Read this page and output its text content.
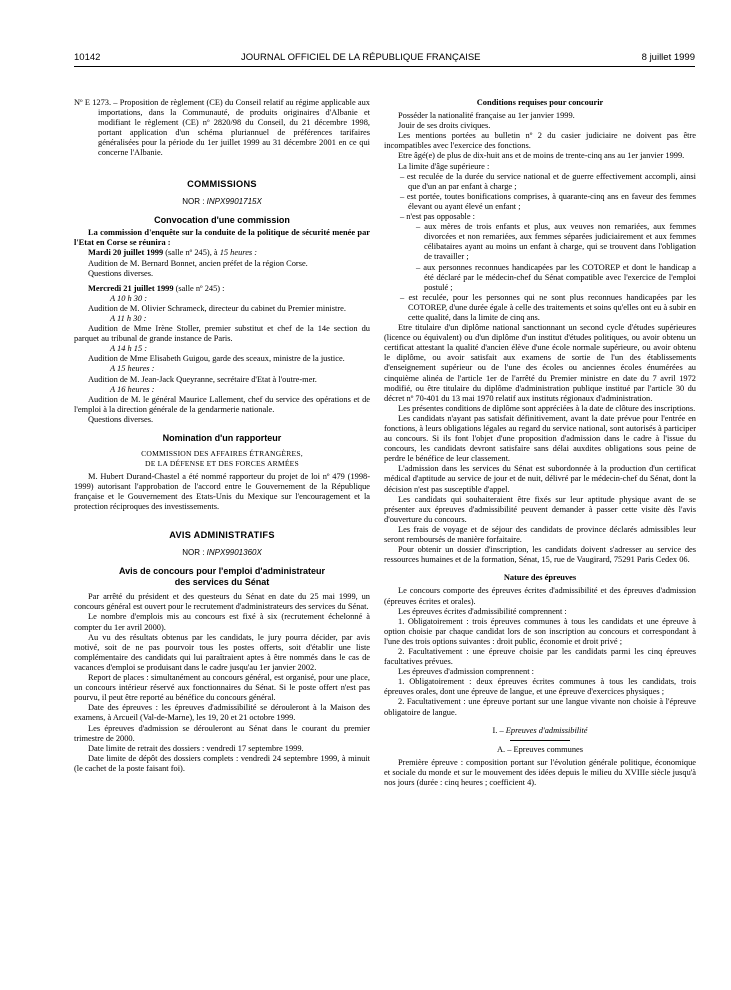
10142	JOURNAL OFFICIEL DE LA RÉPUBLIQUE FRANÇAISE	8 juillet 1999

Nº E 1273. – Proposition de règlement (CE) du Conseil relatif au régime applicable aux importations, dans la Communauté, de produits originaires d'Albanie et modifiant le règlement (CE) nº 2820/98 du Conseil, du 21 décembre 1998, portant application d'un schéma pluriannuel de préférences tarifaires généralisées pour la période du 1er juillet 1999 au 31 décembre 2001 en ce qui concerne l'Albanie.

COMMISSIONS

NOR : INPX9901715X

Convocation d'une commission

La commission d'enquête sur la conduite de la politique de sécurité menée par l'Etat en Corse se réunira :

Mardi 20 juillet 1999 (salle nº 245), à 15 heures :

Audition de M. Bernard Bonnet, ancien préfet de la région Corse.

Questions diverses.

Mercredi 21 juillet 1999 (salle nº 245) :

A 10 h 30 :

Audition de M. Olivier Schrameck, directeur du cabinet du Premier ministre.

A 11 h 30 :

Audition de Mme Irène Stoller, premier substitut et chef de la 14e section du parquet au tribunal de grande instance de Paris.

A 14 h 15 :

Audition de Mme Elisabeth Guigou, garde des sceaux, ministre de la justice.

A 15 heures :

Audition de M. Jean-Jack Queyranne, secrétaire d'Etat à l'outre-mer.

A 16 heures :

Audition de M. le général Maurice Lallement, chef du service des opérations et de l'emploi à la direction générale de la gendarmerie nationale.

Questions diverses.

Nomination d'un rapporteur

COMMISSION DES AFFAIRES ÉTRANGÈRES,

DE LA DÉFENSE ET DES FORCES ARMÉES

M. Hubert Durand-Chastel a été nommé rapporteur du projet de loi nº 479 (1998-1999) autorisant l'approbation de l'accord entre le Gouvernement de la République française et le Gouvernement des Etats-Unis du Mexique sur l'encouragement et la protection réciproques des investissements.

AVIS ADMINISTRATIFS

NOR : INPX9901360X

Avis de concours pour l'emploi d'administrateur

des services du Sénat

Par arrêté du président et des questeurs du Sénat en date du 25 mai 1999, un concours général est ouvert pour le recrutement d'administrateurs des services du Sénat.

Le nombre d'emplois mis au concours est fixé à six (recrutement échelonné à compter du 1er avril 2000).

Au vu des résultats obtenus par les candidats, le jury pourra décider, par avis motivé, soit de ne pas pourvoir tous les postes offerts, soit d'établir une liste complémentaire des candidats qui lui paraîtraient aptes à être nommés dans le cas de vacances d'emploi se produisant dans le cadre jusqu'au 1er janvier 2002.

Report de places : simultanément au concours général, est organisé, pour une place, un concours intérieur réservé aux fonctionnaires du Sénat. Si le poste offert n'est pas pourvu, il peut être reporté au bénéfice du concours général.

Date des épreuves : les épreuves d'admissibilité se dérouleront à la Maison des examens, à Arcueil (Val-de-Marne), les 19, 20 et 21 octobre 1999.

Les épreuves d'admission se dérouleront au Sénat dans le courant du premier trimestre de 2000.

Date limite de retrait des dossiers : vendredi 17 septembre 1999.

Date limite de dépôt des dossiers complets : vendredi 24 septembre 1999, à minuit (le cachet de la poste faisant foi).

Conditions requises pour concourir

Posséder la nationalité française au 1er janvier 1999.

Jouir de ses droits civiques.

Les mentions portées au bulletin nº 2 du casier judiciaire ne doivent pas être incompatibles avec l'exercice des fonctions.

Etre âgé(e) de plus de dix-huit ans et de moins de trente-cinq ans au 1er janvier 1999.

La limite d'âge supérieure :

– est reculée de la durée du service national et de guerre effectivement accompli, ainsi que d'un an par enfant à charge ;

– est portée, toutes bonifications comprises, à quarante-cinq ans en faveur des femmes élevant ou ayant élevé un enfant ;

– n'est pas opposable :

– aux mères de trois enfants et plus, aux veuves non remariées, aux femmes divorcées et non remariées, aux femmes séparées judiciairement et aux femmes célibataires ayant au moins un enfant à charge, qui se trouvent dans l'obligation de travailler ;

– aux personnes reconnues handicapées par les COTOREP et dont le handicap a été déclaré par le médecin-chef du Sénat compatible avec l'exercice de l'emploi postulé ;

– est reculée, pour les personnes qui ne sont plus reconnues handicapées par les COTOREP, d'une durée égale à celle des traitements et soins qu'elles ont eu à subir en cette qualité, dans la limite de cinq ans.

Etre titulaire d'un diplôme national sanctionnant un second cycle d'études supérieures (licence ou équivalent) ou d'un diplôme d'un institut d'études politiques, ou avoir obtenu un certificat attestant la qualité d'ancien élève d'une école normale supérieure, ou avoir obtenu le diplôme, ou avoir satisfait aux examens de sortie de l'un des établissements d'enseignement supérieur ou de l'une des écoles ou anciennes écoles énumérées au cinquième alinéa de l'article 1er de l'arrêté du Premier ministre en date du 7 avril 1972 modifié, ou être titulaire du diplôme d'administration publique institué par l'article 30 du décret nº 70-401 du 13 mai 1970 relatif aux instituts régionaux d'administration.

Les présentes conditions de diplôme sont appréciées à la date de clôture des inscriptions.

Les candidats n'ayant pas satisfait définitivement, avant la date prévue pour l'entrée en fonctions, à leurs obligations légales au regard du service national, sont autorisés à participer au concours. Si ils font l'objet d'une proposition d'admission dans le cadre à l'issue du concours, les candidats devront satisfaire sans délai auxdites obligations sous peine de perdre le bénéfice de leur classement.

L'admission dans les services du Sénat est subordonnée à la production d'un certificat médical d'aptitude au service de jour et de nuit, délivré par le médecin-chef du Sénat, dont la décision n'est pas susceptible d'appel.

Les candidats qui souhaiteraient être fixés sur leur aptitude physique avant de se présenter aux épreuves d'admissibilité peuvent demander à passer cette visite dès l'avis d'ouverture du concours.

Les frais de voyage et de séjour des candidats de province déclarés admissibles leur seront remboursés de manière forfaitaire.

Pour obtenir un dossier d'inscription, les candidats doivent s'adresser au service des ressources humaines et de la formation, Sénat, 15, rue de Vaugirard, 75291 Paris Cedex 06.

Nature des épreuves

Le concours comporte des épreuves écrites d'admissibilité et des épreuves d'admission (épreuves écrites et orales).

Les épreuves écrites d'admissibilité comprennent :

1. Obligatoirement : trois épreuves communes à tous les candidats et une épreuve à option choisie par chaque candidat lors de son inscription au concours et correspondant à l'une des trois options suivantes : droit public, économie et droit privé ;

2. Facultativement : une épreuve choisie par les candidats parmi les cinq épreuves facultatives prévues.

Les épreuves d'admission comprennent :

1. Obligatoirement : deux épreuves écrites communes à tous les candidats, trois épreuves orales, dont une épreuve de langue, et une épreuve d'exercices physiques ;

2. Facultativement : une épreuve portant sur une langue vivante non choisie à l'épreuve obligatoire de langue.

I. – Epreuves d'admissibilité

A. – Epreuves communes

Première épreuve : composition portant sur l'évolution générale politique, économique et sociale du monde et sur le mouvement des idées depuis le milieu du XVIIIe siècle jusqu'à nos jours (durée : cinq heures ; coefficient 4).
